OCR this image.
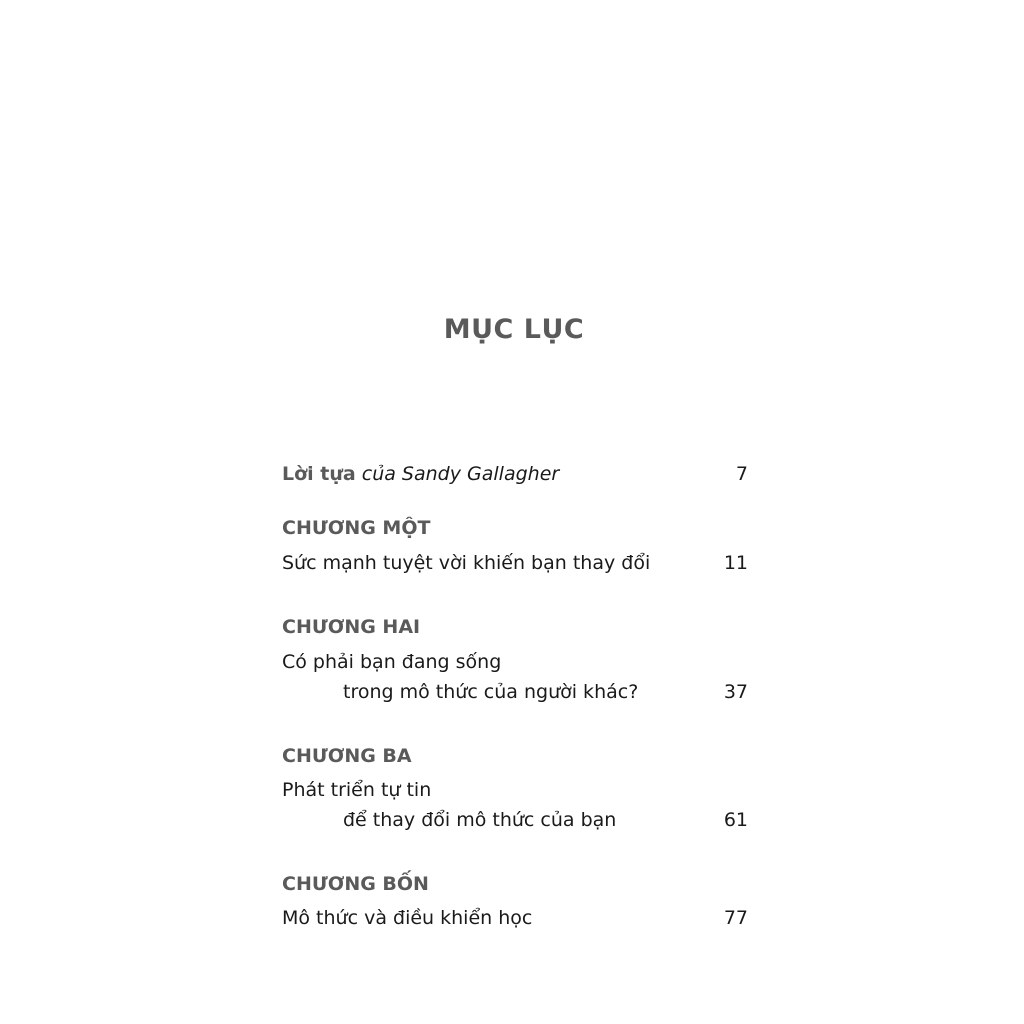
MỤC LỤC
Lời tựa của Sandy Gallagher	7
CHƯƠNG MỘT
Sức mạnh tuyệt vời khiến bạn thay đổi	11
CHƯƠNG HAI
Có phải bạn đang sống
trong mô thức của người khác?	37
CHƯƠNG BA
Phát triển tự tin
để thay đổi mô thức của bạn	61
CHƯƠNG BỐN
Mô thức và điều khiển học	77
